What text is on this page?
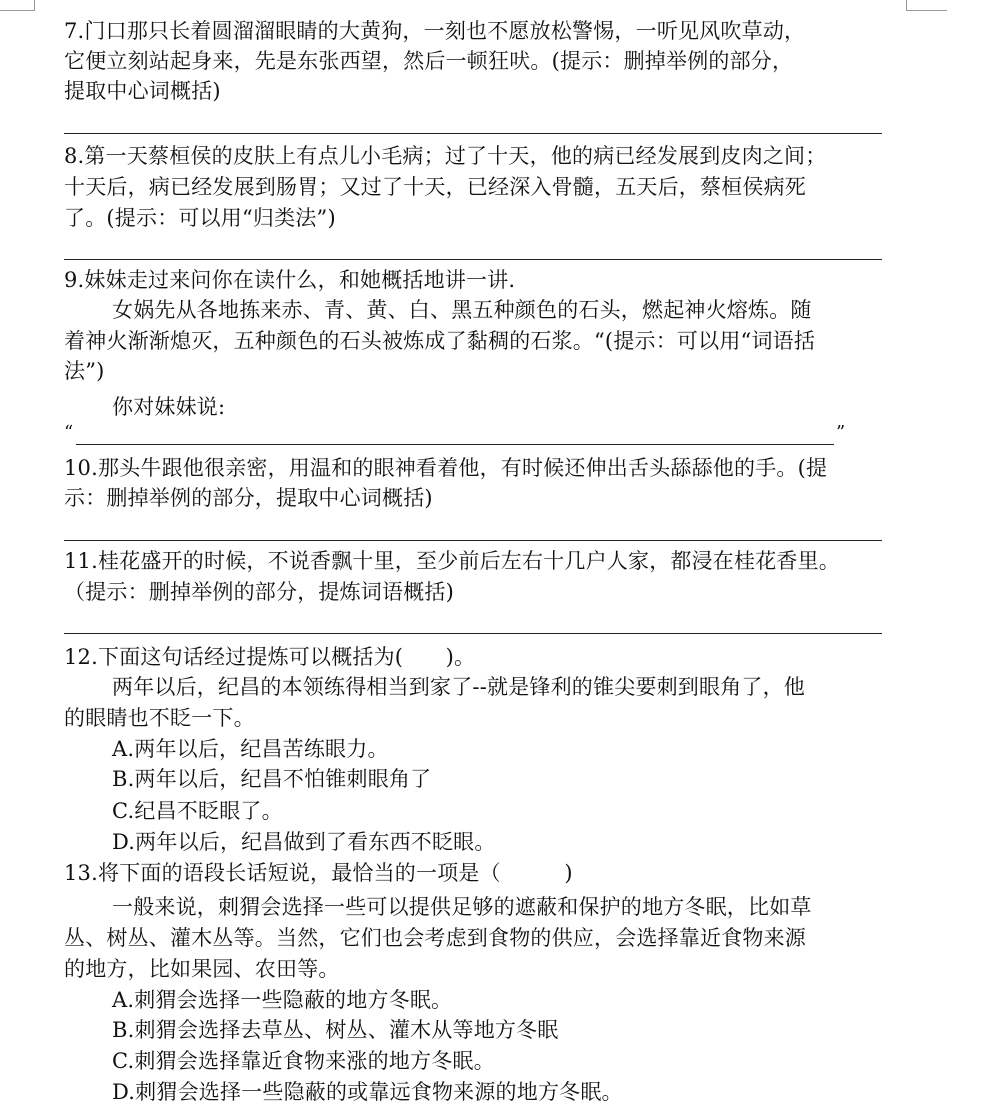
7.门口那只长着圆溜溜眼睛的大黄狗，一刻也不愿放松警惕，一听见风吹草动，
它便立刻站起身来，先是东张西望，然后一顿狂吠。(提示：删掉举例的部分，
提取中心词概括)
8.第一天蔡桓侯的皮肤上有点儿小毛病；过了十天，他的病已经发展到皮肉之间；
十天后，病已经发展到肠胃；又过了十天，已经深入骨髓，五天后，蔡桓侯病死
了。(提示：可以用“归类法”)
9.妹妹走过来问你在读什么，和她概括地讲一讲.
女娲先从各地拣来赤、青、黄、白、黑五种颜色的石头，燃起神火熔炼。随
着神火渐渐熄灭，五种颜色的石头被炼成了黏稠的石浆。“(提示：可以用“词语括
法”)
你对妹妹说:
“	”
10.那头牛跟他很亲密，用温和的眼神看着他，有时候还伸出舌头舔舔他的手。(提
示：删掉举例的部分，提取中心词概括)
11.桂花盛开的时候，不说香飘十里，至少前后左右十几户人家，都浸在桂花香里。
（提示：删掉举例的部分，提炼词语概括)
12.下面这句话经过提炼可以概括为(　　)。
两年以后，纪昌的本领练得相当到家了--就是锋利的锥尖要刺到眼角了，他
的眼睛也不眨一下。
A.两年以后，纪昌苦练眼力。
B.两年以后，纪昌不怕锥刺眼角了
C.纪昌不眨眼了。
D.两年以后，纪昌做到了看东西不眨眼。
13.将下面的语段长话短说，最恰当的一项是（　　　)
一般来说，刺猬会选择一些可以提供足够的遮蔽和保护的地方冬眠，比如草
丛、树丛、灌木丛等。当然，它们也会考虑到食物的供应，会选择靠近食物来源
的地方，比如果园、农田等。
A.刺猬会选择一些隐蔽的地方冬眠。
B.刺猬会选择去草丛、树丛、灌木从等地方冬眠
C.刺猬会选择靠近食物来涨的地方冬眠。
D.刺猬会选择一些隐蔽的或靠远食物来源的地方冬眠。
